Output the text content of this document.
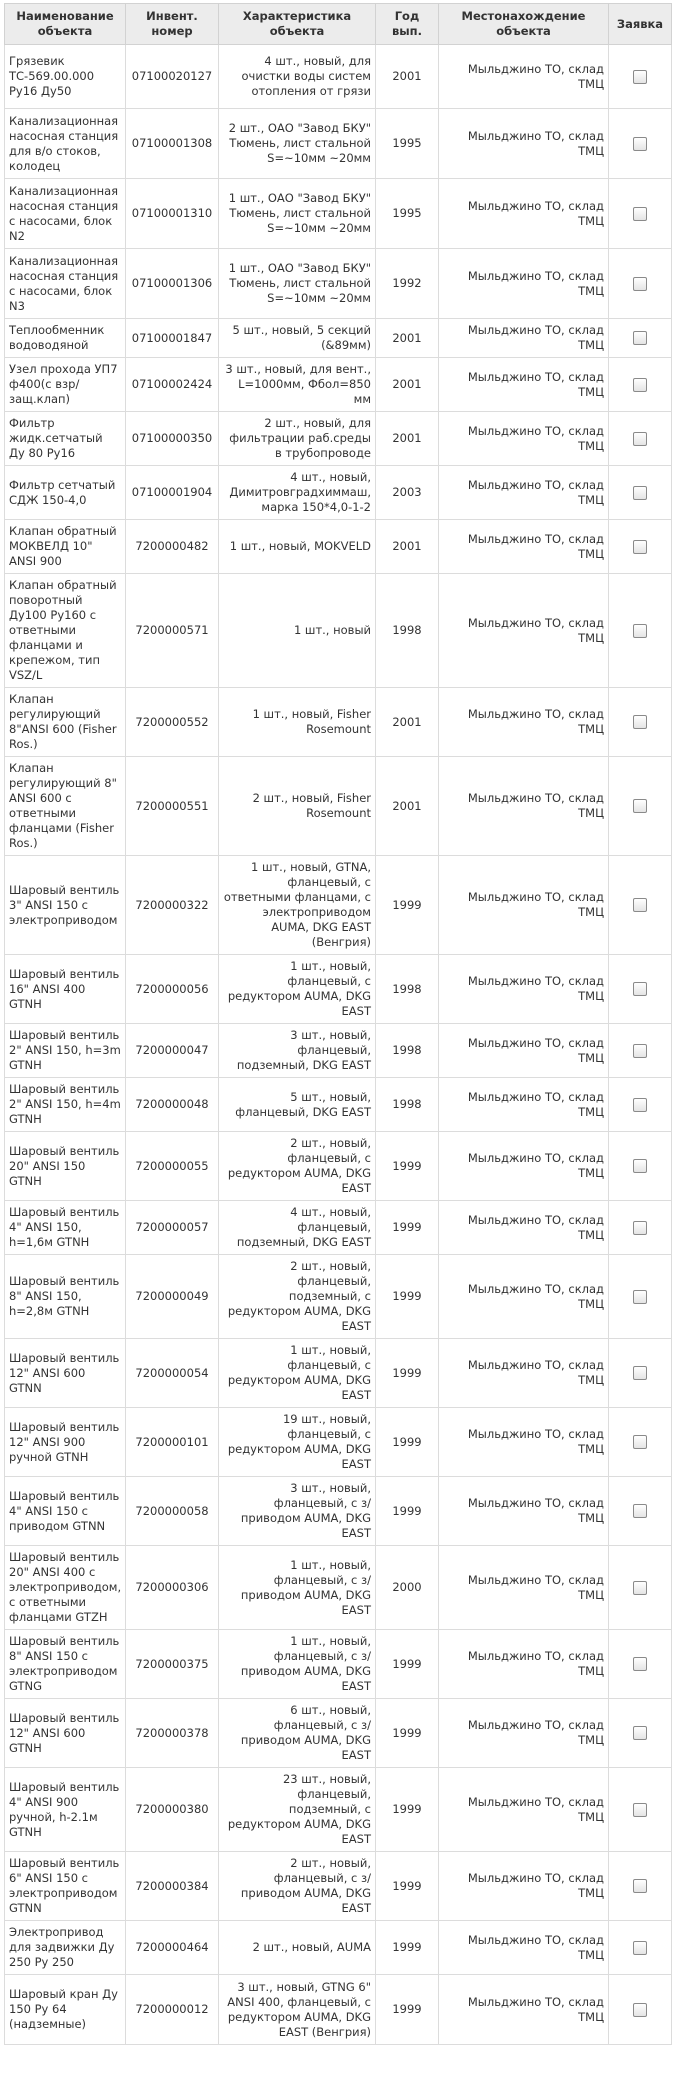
Наименование объекта	Инвент. номер	Характеристика объекта	Год вып.	Местонахождение объекта	Заявка
Грязевик ТС-569.00.000 Ру16 Ду50	07100020127	4 шт., новый, для очистки воды систем отопления от грязи	2001	Мыльджино ТО, склад ТМЦ	
Канализационная насосная станция для в/о стоков, колодец	07100001308	2 шт., ОАО "Завод БКУ" Тюмень, лист стальной S=~10мм ~20мм	1995	Мыльджино ТО, склад ТМЦ	
Канализационная насосная станция с насосами, блок N2	07100001310	1 шт., ОАО "Завод БКУ" Тюмень, лист стальной S=~10мм ~20мм	1995	Мыльджино ТО, склад ТМЦ	
Канализационная насосная станция с насосами, блок N3	07100001306	1 шт., ОАО "Завод БКУ" Тюмень, лист стальной S=~10мм ~20мм	1992	Мыльджино ТО, склад ТМЦ	
Теплообменник водоводяной	07100001847	5 шт., новый, 5 секций (&89мм)	2001	Мыльджино ТО, склад ТМЦ	
Узел прохода УП7 ф400(с взр/защ.клап)	07100002424	3 шт., новый, для вент., L=1000мм, Фбол=850 мм	2001	Мыльджино ТО, склад ТМЦ	
Фильтр жидк.сетчатый Ду 80 Ру16	07100000350	2 шт., новый, для фильтрации раб.среды в трубопроводе	2001	Мыльджино ТО, склад ТМЦ	
Фильтр сетчатый СДЖ 150-4,0	07100001904	4 шт., новый, Димитровградхиммаш, марка 150*4,0-1-2	2003	Мыльджино ТО, склад ТМЦ	
Клапан обратный МОКВЕЛД 10" ANSI 900	7200000482	1 шт., новый, MOKVELD	2001	Мыльджино ТО, склад ТМЦ	
Клапан обратный поворотный Ду100 Ру160 с ответными фланцами и крепежом, тип VSZ/L	7200000571	1 шт., новый	1998	Мыльджино ТО, склад ТМЦ	
Клапан регулирующий 8"ANSI 600 (Fisher Ros.)	7200000552	1 шт., новый, Fisher Rosemount	2001	Мыльджино ТО, склад ТМЦ	
Клапан регулирующий 8" ANSI 600 с ответными фланцами (Fisher Ros.)	7200000551	2 шт., новый, Fisher Rosemount	2001	Мыльджино ТО, склад ТМЦ	
Шаровый вентиль 3" ANSI 150 с электроприводом	7200000322	1 шт., новый, GTNA, фланцевый, с ответными фланцами, с электроприводом AUMA, DKG EAST (Венгрия)	1999	Мыльджино ТО, склад ТМЦ	
Шаровый вентиль 16" ANSI 400 GTNH	7200000056	1 шт., новый, фланцевый, с редуктором AUMA, DKG EAST	1998	Мыльджино ТО, склад ТМЦ	
Шаровый вентиль 2" ANSI 150, h=3m GTNH	7200000047	3 шт., новый, фланцевый, подземный, DKG EAST	1998	Мыльджино ТО, склад ТМЦ	
Шаровый вентиль 2" ANSI 150, h=4m GTNH	7200000048	5 шт., новый, фланцевый, DKG EAST	1998	Мыльджино ТО, склад ТМЦ	
Шаровый вентиль 20" ANSI 150 GTNH	7200000055	2 шт., новый, фланцевый, с редуктором AUMA, DKG EAST	1999	Мыльджино ТО, склад ТМЦ	
Шаровый вентиль 4" ANSI 150, h=1,6м GTNH	7200000057	4 шт., новый, фланцевый, подземный, DKG EAST	1999	Мыльджино ТО, склад ТМЦ	
Шаровый вентиль 8" ANSI 150, h=2,8м GTNH	7200000049	2 шт., новый, фланцевый, подземный, с редуктором AUMA, DKG EAST	1999	Мыльджино ТО, склад ТМЦ	
Шаровый вентиль 12" ANSI 600 GTNN	7200000054	1 шт., новый, фланцевый, с редуктором AUMA, DKG EAST	1999	Мыльджино ТО, склад ТМЦ	
Шаровый вентиль 12" ANSI 900 ручной GTNH	7200000101	19 шт., новый, фланцевый, с редуктором AUMA, DKG EAST	1999	Мыльджино ТО, склад ТМЦ	
Шаровый вентиль 4" ANSI 150 с приводом GTNN	7200000058	3 шт., новый, фланцевый, с з/приводом AUMA, DKG EAST	1999	Мыльджино ТО, склад ТМЦ	
Шаровый вентиль 20" ANSI 400 с электроприводом, с ответными фланцами GTZH	7200000306	1 шт., новый, фланцевый, с з/приводом AUMA, DKG EAST	2000	Мыльджино ТО, склад ТМЦ	
Шаровый вентиль 8" ANSI 150 с электроприводом GTNG	7200000375	1 шт., новый, фланцевый, с з/приводом AUMA, DKG EAST	1999	Мыльджино ТО, склад ТМЦ	
Шаровый вентиль 12" ANSI 600 GTNH	7200000378	6 шт., новый, фланцевый, с з/приводом AUMA, DKG EAST	1999	Мыльджино ТО, склад ТМЦ	
Шаровый вентиль 4" ANSI 900 ручной, h-2.1м GTNH	7200000380	23 шт., новый, фланцевый, подземный, с редуктором AUMA, DKG EAST	1999	Мыльджино ТО, склад ТМЦ	
Шаровый вентиль 6" ANSI 150 с электроприводом GTNN	7200000384	2 шт., новый, фланцевый, с з/приводом AUMA, DKG EAST	1999	Мыльджино ТО, склад ТМЦ	
Электропривод для задвижки Ду 250 Ру 250	7200000464	2 шт., новый, AUMA	1999	Мыльджино ТО, склад ТМЦ	
Шаровый кран Ду 150 Ру 64 (надземные)	7200000012	3 шт., новый, GTNG 6" ANSI 400, фланцевый, с редуктором AUMA, DKG EAST (Венгрия)	1999	Мыльджино ТО, склад ТМЦ	
